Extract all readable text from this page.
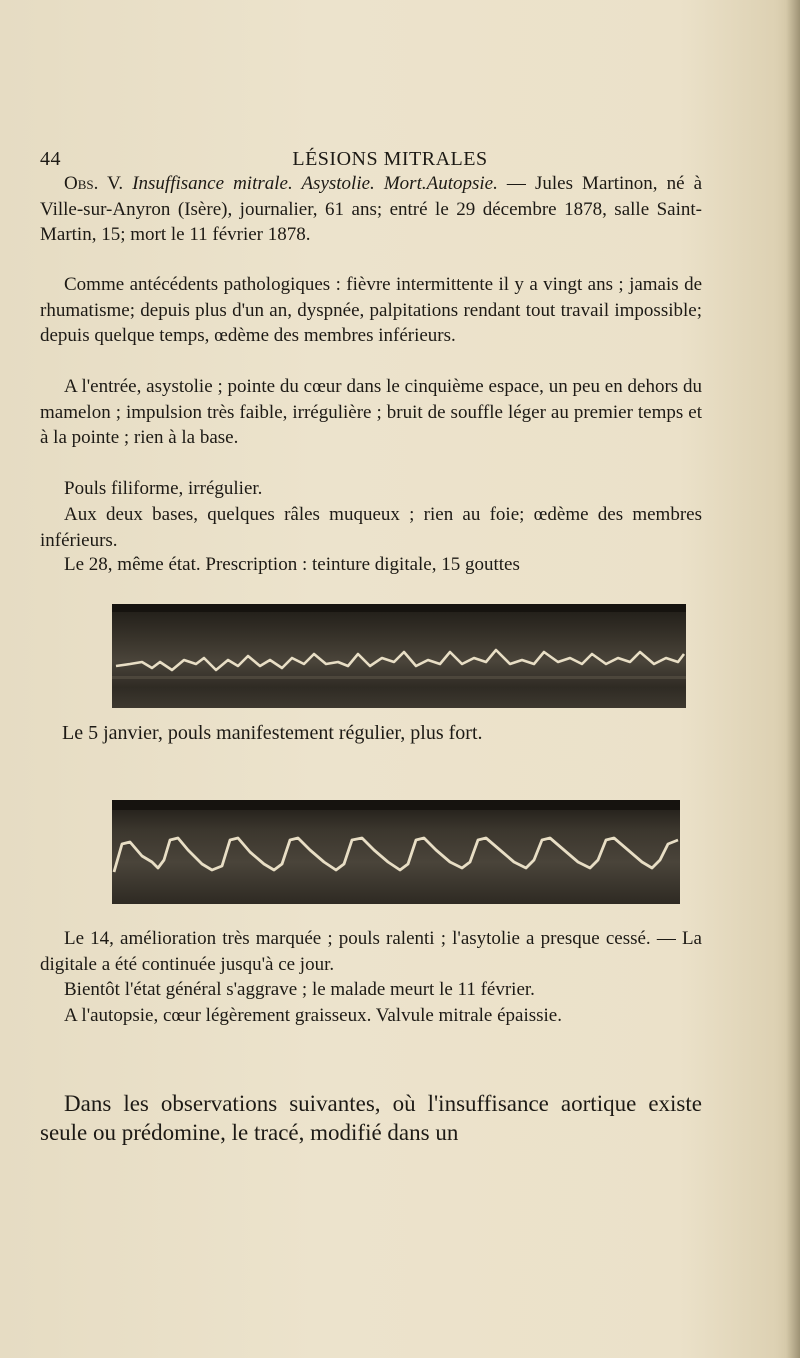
44	LÉSIONS MITRALES

Obs. V. Insuffisance mitrale. Asystolie. Mort.Autopsie. — Jules Martinon, né à Ville-sur-Anyron (Isère), journalier, 61 ans; entré le 29 décembre 1878, salle Saint-Martin, 15; mort le 11 février 1878.

Comme antécédents pathologiques : fièvre intermittente il y a vingt ans ; jamais de rhumatisme; depuis plus d'un an, dyspnée, palpitations rendant tout travail impossible; depuis quelque temps, œdème des membres inférieurs.

A l'entrée, asystolie ; pointe du cœur dans le cinquième espace, un peu en dehors du mamelon ; impulsion très faible, irrégulière ; bruit de souffle léger au premier temps et à la pointe ; rien à la base.

Pouls filiforme, irrégulier.

Aux deux bases, quelques râles muqueux ; rien au foie; œdème des membres inférieurs.

Le 28, même état. Prescription : teinture digitale, 15 gouttes

Le 5 janvier, pouls manifestement régulier, plus fort.

Le 14, amélioration très marquée ; pouls ralenti ; l'asytolie a presque cessé. — La digitale a été continuée jusqu'à ce jour.

Bientôt l'état général s'aggrave ; le malade meurt le 11 février.

A l'autopsie, cœur légèrement graisseux. Valvule mitrale épaissie.

Dans les observations suivantes, où l'insuffisance aortique existe seule ou prédomine, le tracé, modifié dans un
